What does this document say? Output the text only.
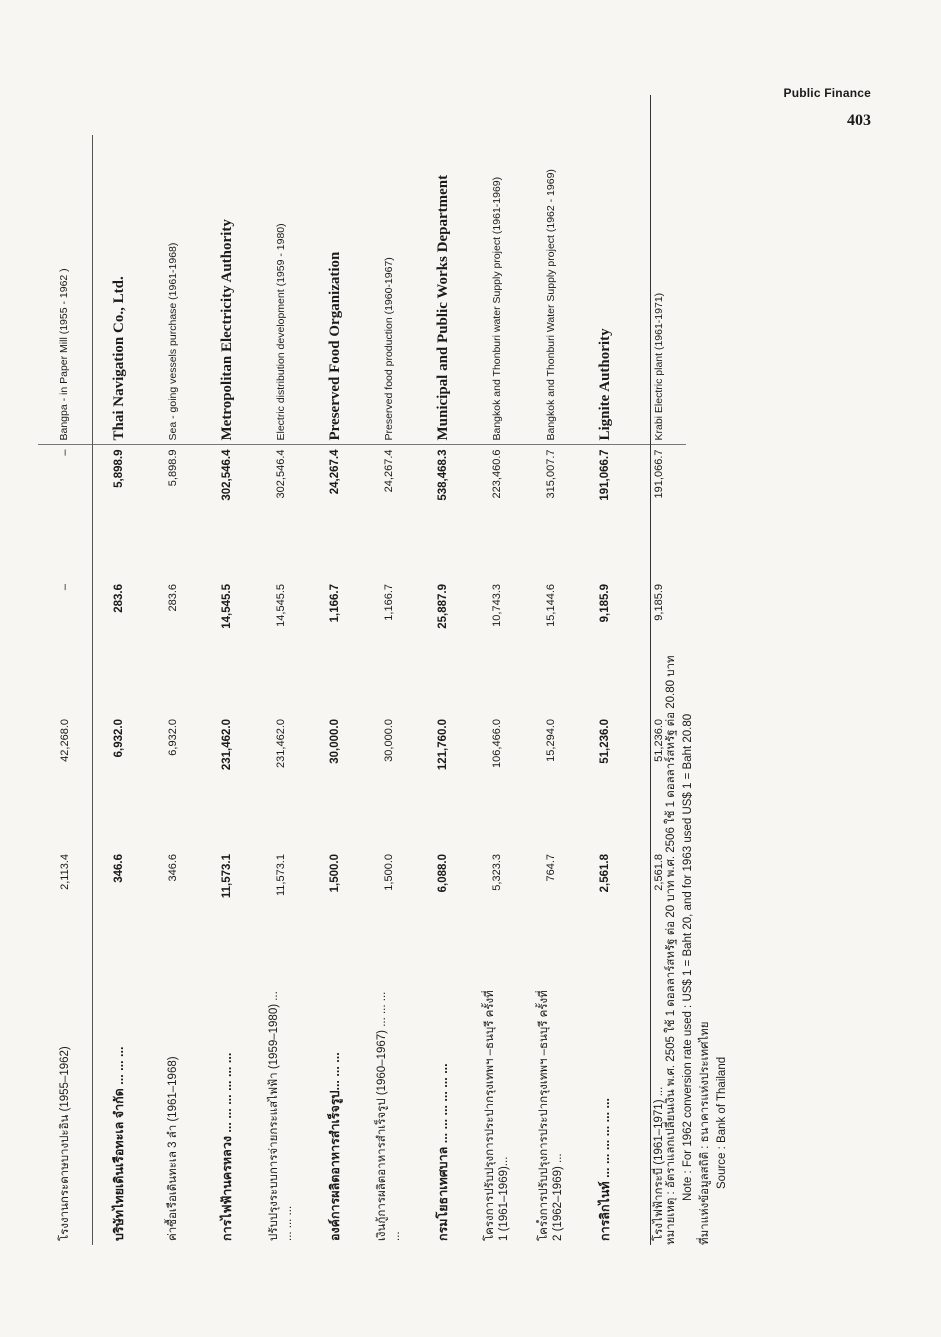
Public Finance
403
โรงงานกระดาษบางปะอิน (1955–1962)	2,113.4	42,268.0	–	–	Bangpa - in Paper Mill (1955 - 1962 )
บริษัทไทยเดินเรือทะเล จำกัด ... ... ...	346.6	6,932.0	283.6	5,898.9	Thai Navigation Co., Ltd.
ค่าซื้อเรือเดินทะเล 3 ลำ (1961–1968)	346.6	6,932.0	283.6	5,898.9	Sea - going vessels purchase (1961-1968)
การไฟฟ้านครหลวง ... ... ... ... ... ...	11,573.1	231,462.0	14,545.5	302,546.4	Metropolitan Electricity Authority
ปรับปรุงระบบการจ่ายกระแสไฟฟ้า (1959–1980) ... ... ... ...	11,573.1	231,462.0	14,545.5	302,546.4	Electric distribution development (1959 - 1980)
องค์การผลิตอาหารสำเร็จรูป... ... ...	1,500.0	30,000.0	1,166.7	24,267.4	Preserved Food Organization
เงินกู้การผลิตอาหารสำเร็จรูป (1960–1967) ... ... ... ...	1,500.0	30,000.0	1,166.7	24,267.4	Preserved food production (1960-1967)
กรมโยธาเทศบาล ... ... ... ... ... ...	6,088.0	121,760.0	25,887.9	538,468.3	Municipal and Public Works Department
โครงการปรับปรุงการประปากรุงเทพฯ –ธนบุรี ครั้งที่ 1 (1961–1969)...	5,323.3	106,466.0	10,743.3	223,460.6	Bangkok and Thonburi water Supply project (1961-1969)
โครงการปรับปรุงการประปากรุงเทพฯ –ธนบุรี ครั้งที่ 2 (1962–1969) ...	764.7	15,294.0	15,144.6	315,007.7	Bangkok and Thonburi Water Supply project (1962 - 1969)
การลิกไนท์ ... ... ... ... ... ...	2,561.8	51,236.0	9,185.9	191,066.7	Lignite Authority
โรงไฟฟ้ากระบี่ (1961–1971) ...	2,561.8	51,236.0	9,185.9	191,066.7	Krabi Electric plant (1961-1971)
หมายเหตุ : อัตราแลกเปลี่ยนเงิน พ.ศ. 2505 ใช้ 1 ดอลลาร์สหรัฐ ต่อ 20 บาท พ.ศ. 2506 ใช้ 1 ดอลลาร์สหรัฐ ต่อ 20.80 บาท Note : For 1962 conversion rate used : US$ 1 = Baht 20, and for 1963 used US$ 1 = Baht 20.80 ที่มาแห่งข้อมูลสถิติ : ธนาคารแห่งประเทศไทย Source : Bank of Thailand
